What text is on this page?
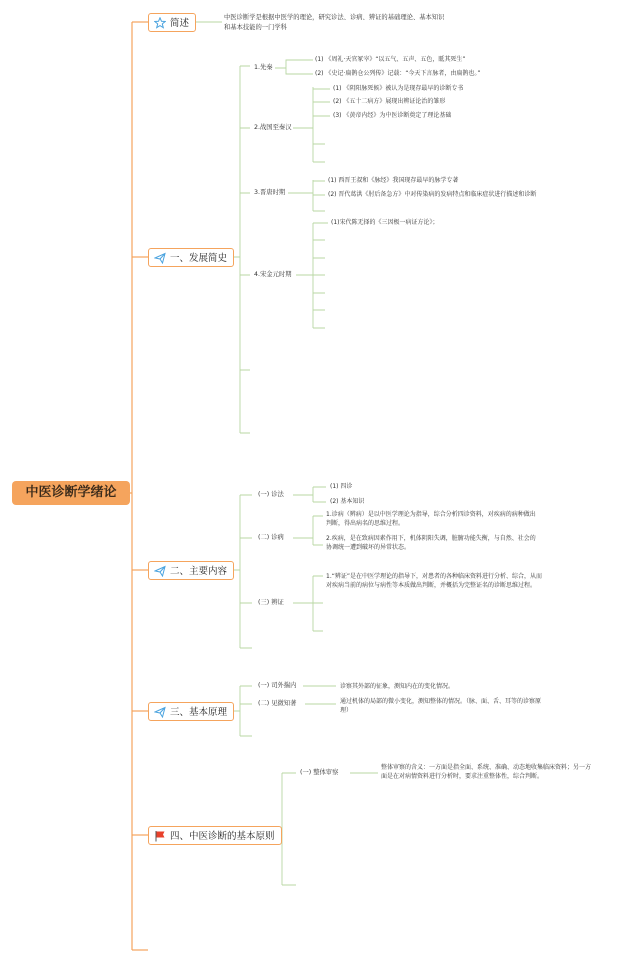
中医诊断学绪论
简述
中医诊断学是根据中医学的理论，研究诊法、诊病、辨证的基础理论、基本知识
和基本技能的一门学科
一、发展简史
1.先秦
(1) 《周礼·天官冢宰》“以五气、五声、五色，眡其死生”
(2) 《史记·扁鹊仓公列传》记载：“今天下言脉者，由扁鹊也。”
2.战国至秦汉
(1) 《阴阳脉死候》被认为是现存最早的诊断专书
(2) 《五十二病方》展现出辨证论治的雏形
(3) 《黄帝内经》为中医诊断奠定了理论基础
3.晋唐时期
(1) 西晋王叔和《脉经》我国现存最早的脉学专著
(2) 晋代葛洪《肘后备急方》中对传染病的发病特点和临床症状进行描述和诊断
4.宋金元时期
(1)宋代陈无择的《三因极一病证方论》；
二、主要内容
(一) 诊法
(1) 四诊
(2) 基本知识
(二) 诊病
1.诊病（辨病）是以中医学理论为指导，综合分析四诊资料，对疾病的病种做出
判断，得出病名的思维过程。
2.疾病，是在致病因素作用下，机体阴阳失调，脏腑功能失衡，与自然、社会的
协调统一遭到破坏的异常状态。
(三) 辨证
1.“辨证”是在中医学理论的指导下，对患者的各种临床资料进行分析、综合，从而
对疾病当前的病位与病性等本质做出判断，并概括为完整证名的诊断思维过程。
三、基本原理
(一) 司外揣内	诊察其外部的征象，测知内在的变化情况。
(二) 见微知著	通过机体的局部的微小变化，测知整体的情况。（脉、面、舌、耳等的诊察原
理）
四、中医诊断的基本原则
(一) 整体审察
整体审察的含义：一方面是指全面、系统、准确、动态地收集临床资料；另一方
面是在对病情资料进行分析时，要求注重整体性，综合判断。
